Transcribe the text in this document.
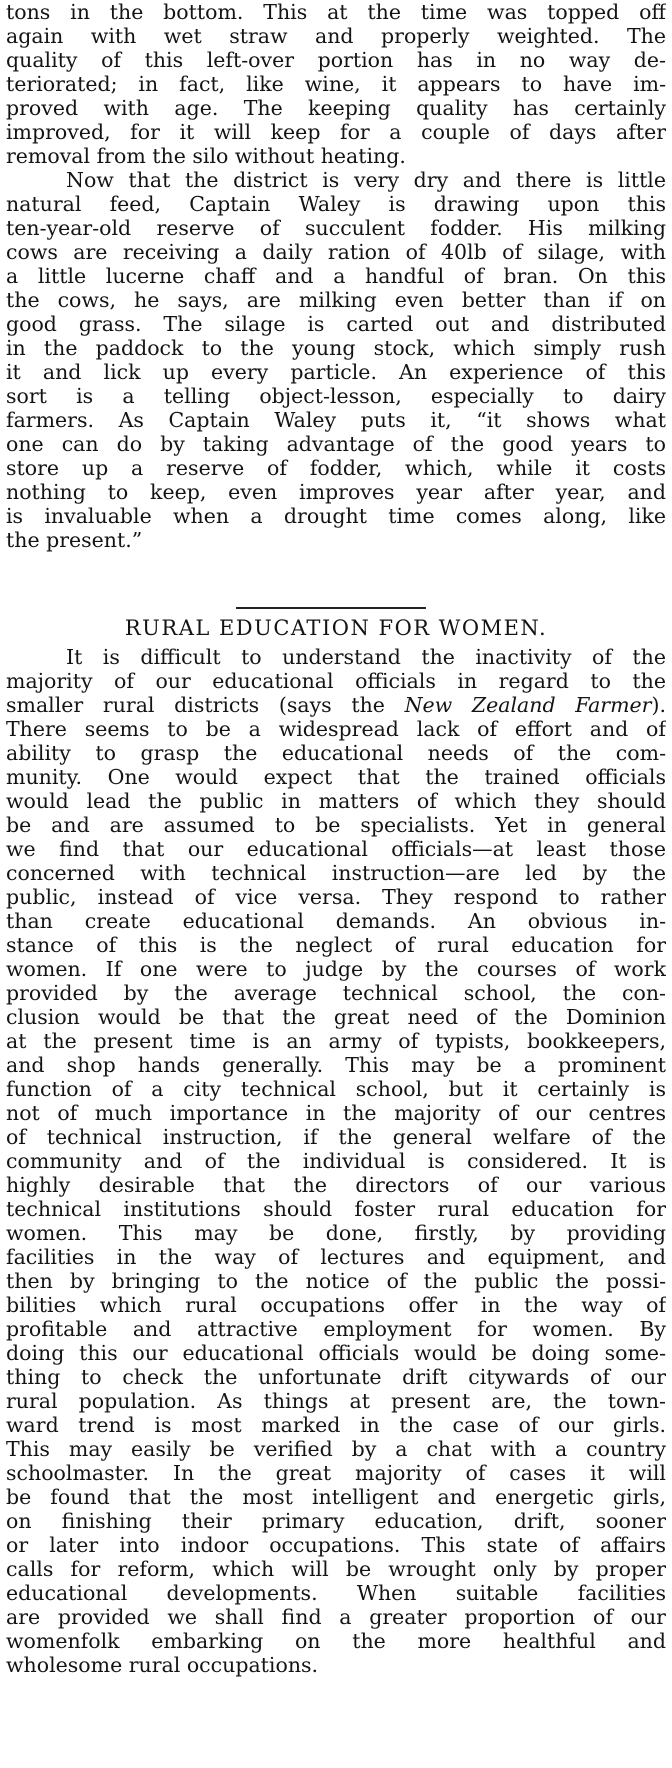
tons in the bottom. This at the time was topped off
again with wet straw and properly weighted. The
quality of this left-over portion has in no way de-
teriorated; in fact, like wine, it appears to have im-
proved with age. The keeping quality has certainly
improved, for it will keep for a couple of days after
removal from the silo without heating.
Now that the district is very dry and there is little
natural feed, Captain Waley is drawing upon this
ten-year-old reserve of succulent fodder. His milking
cows are receiving a daily ration of 40lb of silage, with
a little lucerne chaff and a handful of bran. On this
the cows, he says, are milking even better than if on
good grass. The silage is carted out and distributed
in the paddock to the young stock, which simply rush
it and lick up every particle. An experience of this
sort is a telling object-lesson, especially to dairy
farmers. As Captain Waley puts it, “it shows what
one can do by taking advantage of the good years to
store up a reserve of fodder, which, while it costs
nothing to keep, even improves year after year, and
is invaluable when a drought time comes along, like
the present.”
RURAL EDUCATION FOR WOMEN.
It is difficult to understand the inactivity of the
majority of our educational officials in regard to the
smaller rural districts (says the New Zealand Farmer).
There seems to be a widespread lack of effort and of
ability to grasp the educational needs of the com-
munity. One would expect that the trained officials
would lead the public in matters of which they should
be and are assumed to be specialists. Yet in general
we find that our educational officials—at least those
concerned with technical instruction—are led by the
public, instead of vice versa. They respond to rather
than create educational demands. An obvious in-
stance of this is the neglect of rural education for
women. If one were to judge by the courses of work
provided by the average technical school, the con-
clusion would be that the great need of the Dominion
at the present time is an army of typists, bookkeepers,
and shop hands generally. This may be a prominent
function of a city technical school, but it certainly is
not of much importance in the majority of our centres
of technical instruction, if the general welfare of the
community and of the individual is considered. It is
highly desirable that the directors of our various
technical institutions should foster rural education for
women. This may be done, firstly, by providing
facilities in the way of lectures and equipment, and
then by bringing to the notice of the public the possi-
bilities which rural occupations offer in the way of
profitable and attractive employment for women. By
doing this our educational officials would be doing some-
thing to check the unfortunate drift citywards of our
rural population. As things at present are, the town-
ward trend is most marked in the case of our girls.
This may easily be verified by a chat with a country
schoolmaster. In the great majority of cases it will
be found that the most intelligent and energetic girls,
on finishing their primary education, drift, sooner
or later into indoor occupations. This state of affairs
calls for reform, which will be wrought only by proper
educational developments. When suitable facilities
are provided we shall find a greater proportion of our
womenfolk embarking on the more healthful and
wholesome rural occupations.
